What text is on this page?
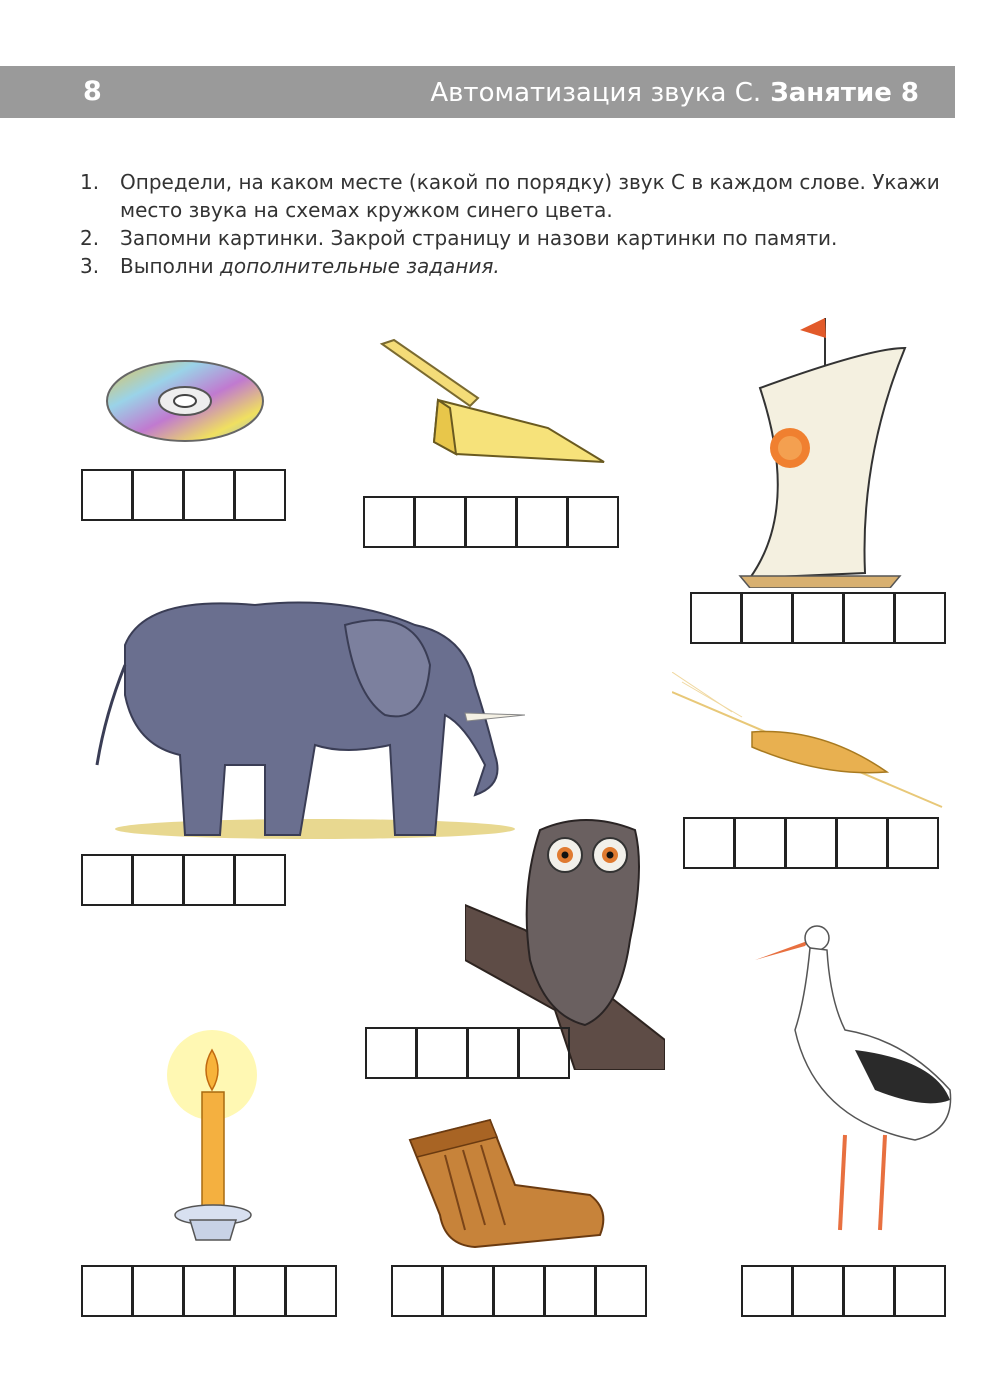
8	Автоматизация звука С. Занятие 8
1.	Определи, на каком месте (какой по порядку) звук С в каждом слове. Укажи место звука на схемах кружком синего цвета.
2.	Запомни картинки. Закрой страницу и назови картинки по памяти.
3.	Выполни дополнительные задания.
